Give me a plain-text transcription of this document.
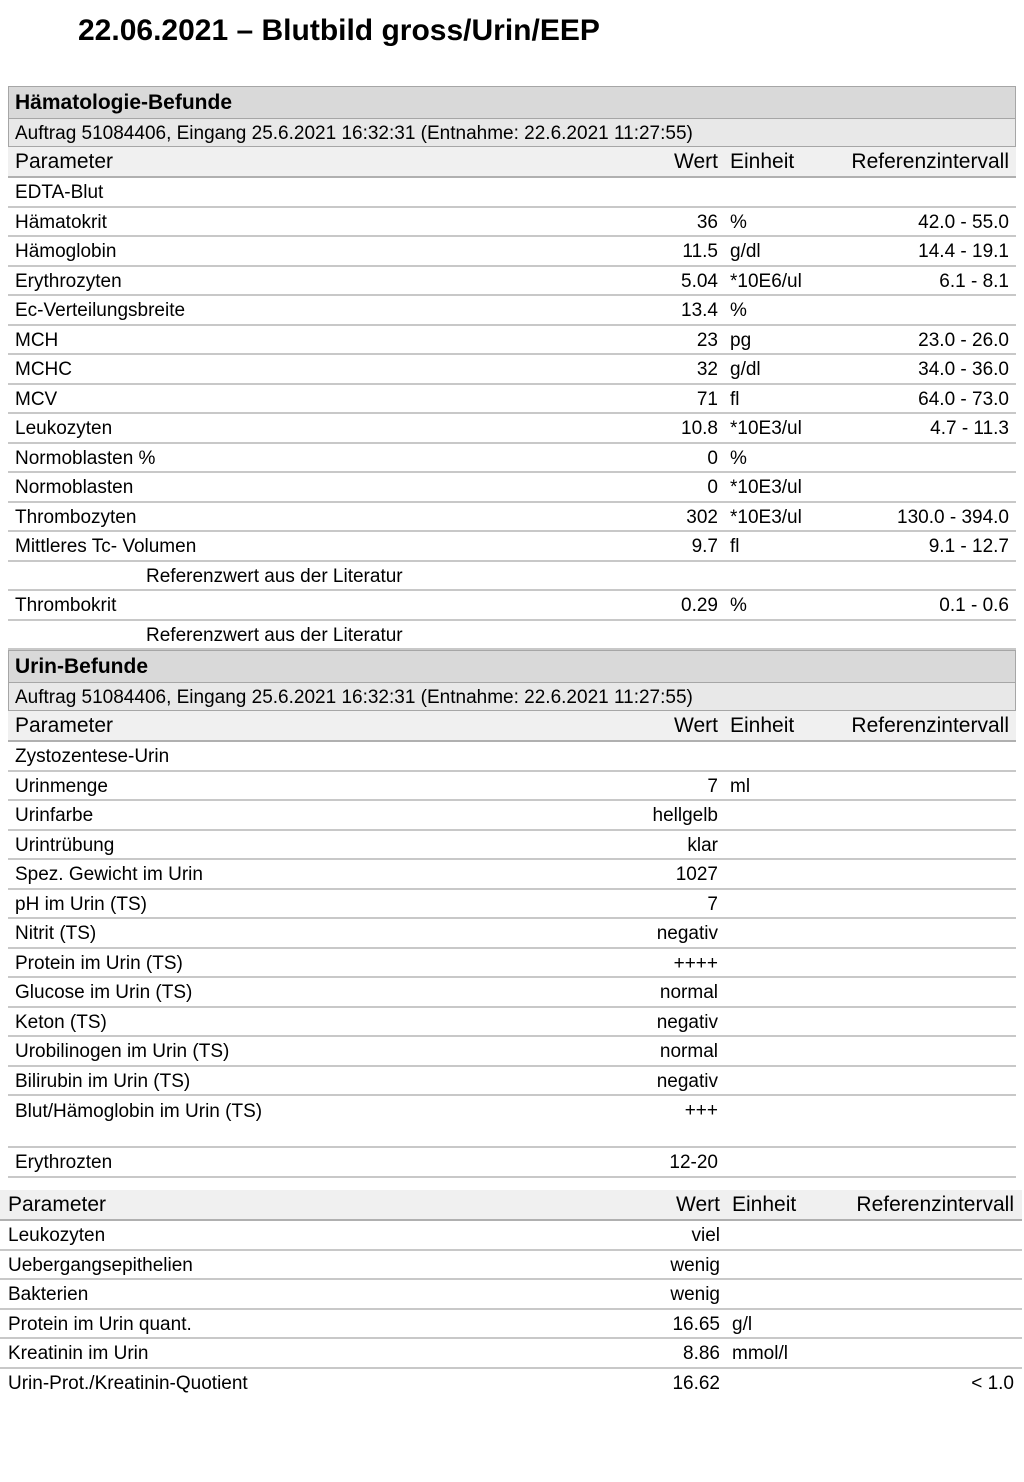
22.06.2021 – Blutbild gross/Urin/EEP
Hämatologie-Befunde
Auftrag 51084406, Eingang 25.6.2021 16:32:31 (Entnahme: 22.6.2021 11:27:55)
Parameter	Wert Einheit	Referenzintervall
EDTA-Blut
Hämatokrit	36 %	42.0 - 55.0
Hämoglobin	11.5 g/dl	14.4 - 19.1
Erythrozyten	5.04 *10E6/ul	6.1 - 8.1
Ec-Verteilungsbreite	13.4 %
MCH	23 pg	23.0 - 26.0
MCHC	32 g/dl	34.0 - 36.0
MCV	71 fl	64.0 - 73.0
Leukozyten	10.8 *10E3/ul	4.7 - 11.3
Normoblasten %	0 %
Normoblasten	0 *10E3/ul
Thrombozyten	302 *10E3/ul	130.0 - 394.0
Mittleres Tc- Volumen	9.7 fl	9.1 - 12.7
Referenzwert aus der Literatur
Thrombokrit	0.29 %	0.1 - 0.6
Referenzwert aus der Literatur
Urin-Befunde
Auftrag 51084406, Eingang 25.6.2021 16:32:31 (Entnahme: 22.6.2021 11:27:55)
Parameter	Wert Einheit	Referenzintervall
Zystozentese-Urin
Urinmenge	7 ml
Urinfarbe	hellgelb
Urintrübung	klar
Spez. Gewicht im Urin	1027
pH im Urin (TS)	7
Nitrit (TS)	negativ
Protein im Urin (TS)	++++
Glucose im Urin (TS)	normal
Keton (TS)	negativ
Urobilinogen im Urin (TS)	normal
Bilirubin im Urin (TS)	negativ
Blut/Hämoglobin im Urin (TS)	+++
Erythrozten	12-20
Parameter	Wert Einheit	Referenzintervall
Leukozyten	viel
Uebergangsepithelien	wenig
Bakterien	wenig
Protein im Urin quant.	16.65 g/l
Kreatinin im Urin	8.86 mmol/l
Urin-Prot./Kreatinin-Quotient	16.62	< 1.0
